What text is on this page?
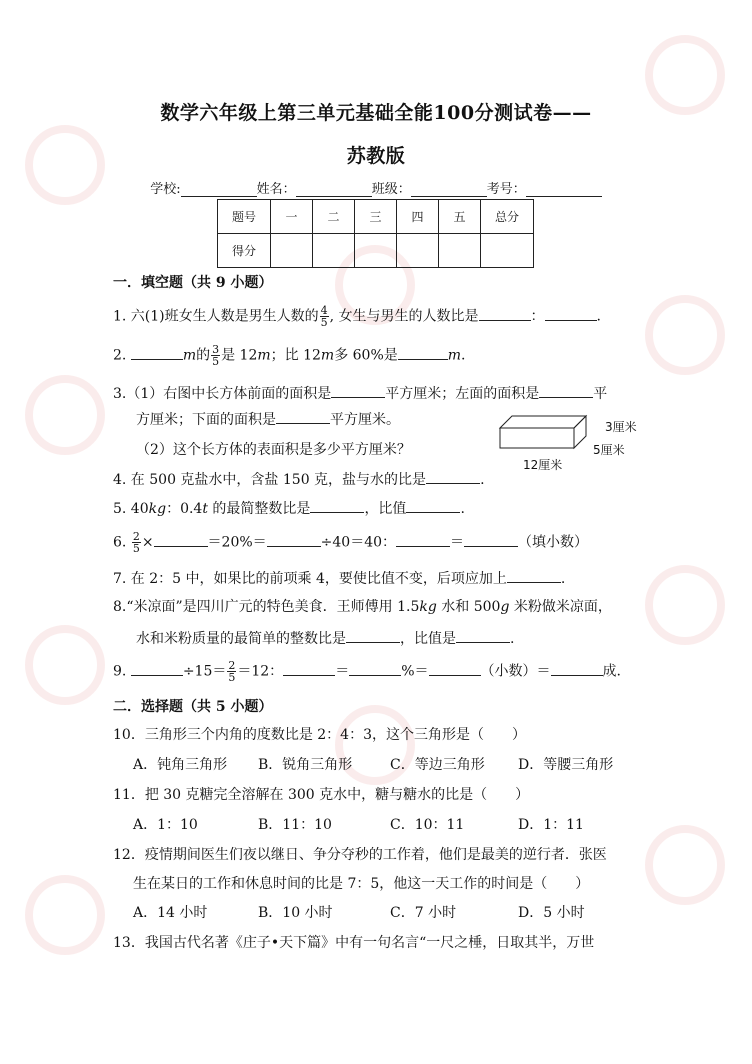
数学六年级上第三单元基础全能100分测试卷——
苏教版
学校:	姓名：	班级：	考号：
题号	一	二	三	四	五	总分
得分						
一．填空题（共 9 小题）
1. 六(1)班女生人数是男生人数的 $\frac{4}{5}$ , 女生与男生的人数比是	：	.
2.	m的 $\frac{3}{5}$ 是 12m；比 12m多 60%是	m.
3.（1）右图中长方体前面的面积是	平方厘米；左面的面积是	平
方厘米；下面的面积是	平方厘米。
（2）这个长方体的表面积是多少平方厘米？
3厘米
5厘米
12厘米
4. 在 500 克盐水中，含盐 150 克，盐与水的比是	.
5. 40kg：0.4t 的最简整数比是	，比值	.
6. $\frac{2}{5}$ ×	＝20%＝	÷40＝40：	＝	（填小数）
7. 在 2：5 中，如果比的前项乘 4，要使比值不变，后项应加上	.
8.“米凉面”是四川广元的特色美食．王师傅用 1.5kg 水和 500g 米粉做米凉面，
水和米粉质量的最简单的整数比是	，比值是	.
9.	$\div 15= \frac{2}{5} =12$：	＝	%＝	（小数）＝	成.
二．选择题（共 5 小题）
10．三角形三个内角的度数比是 2：4：3，这个三角形是（　　）
A．钝角三角形 B．锐角三角形	C．等边三角形 D．等腰三角形
11．把 30 克糖完全溶解在 300 克水中，糖与糖水的比是（　　）
A．1：10	B．11：10	C．10：11	D．1：11
12．疫情期间医生们夜以继日、争分夺秒的工作着，他们是最美的逆行者．张医
生在某日的工作和休息时间的比是 7：5，他这一天工作的时间是（　　）
A．14 小时	B．10 小时	C．7 小时	D．5 小时
13．我国古代名著《庄子•天下篇》中有一句名言“一尺之棰，日取其半，万世
